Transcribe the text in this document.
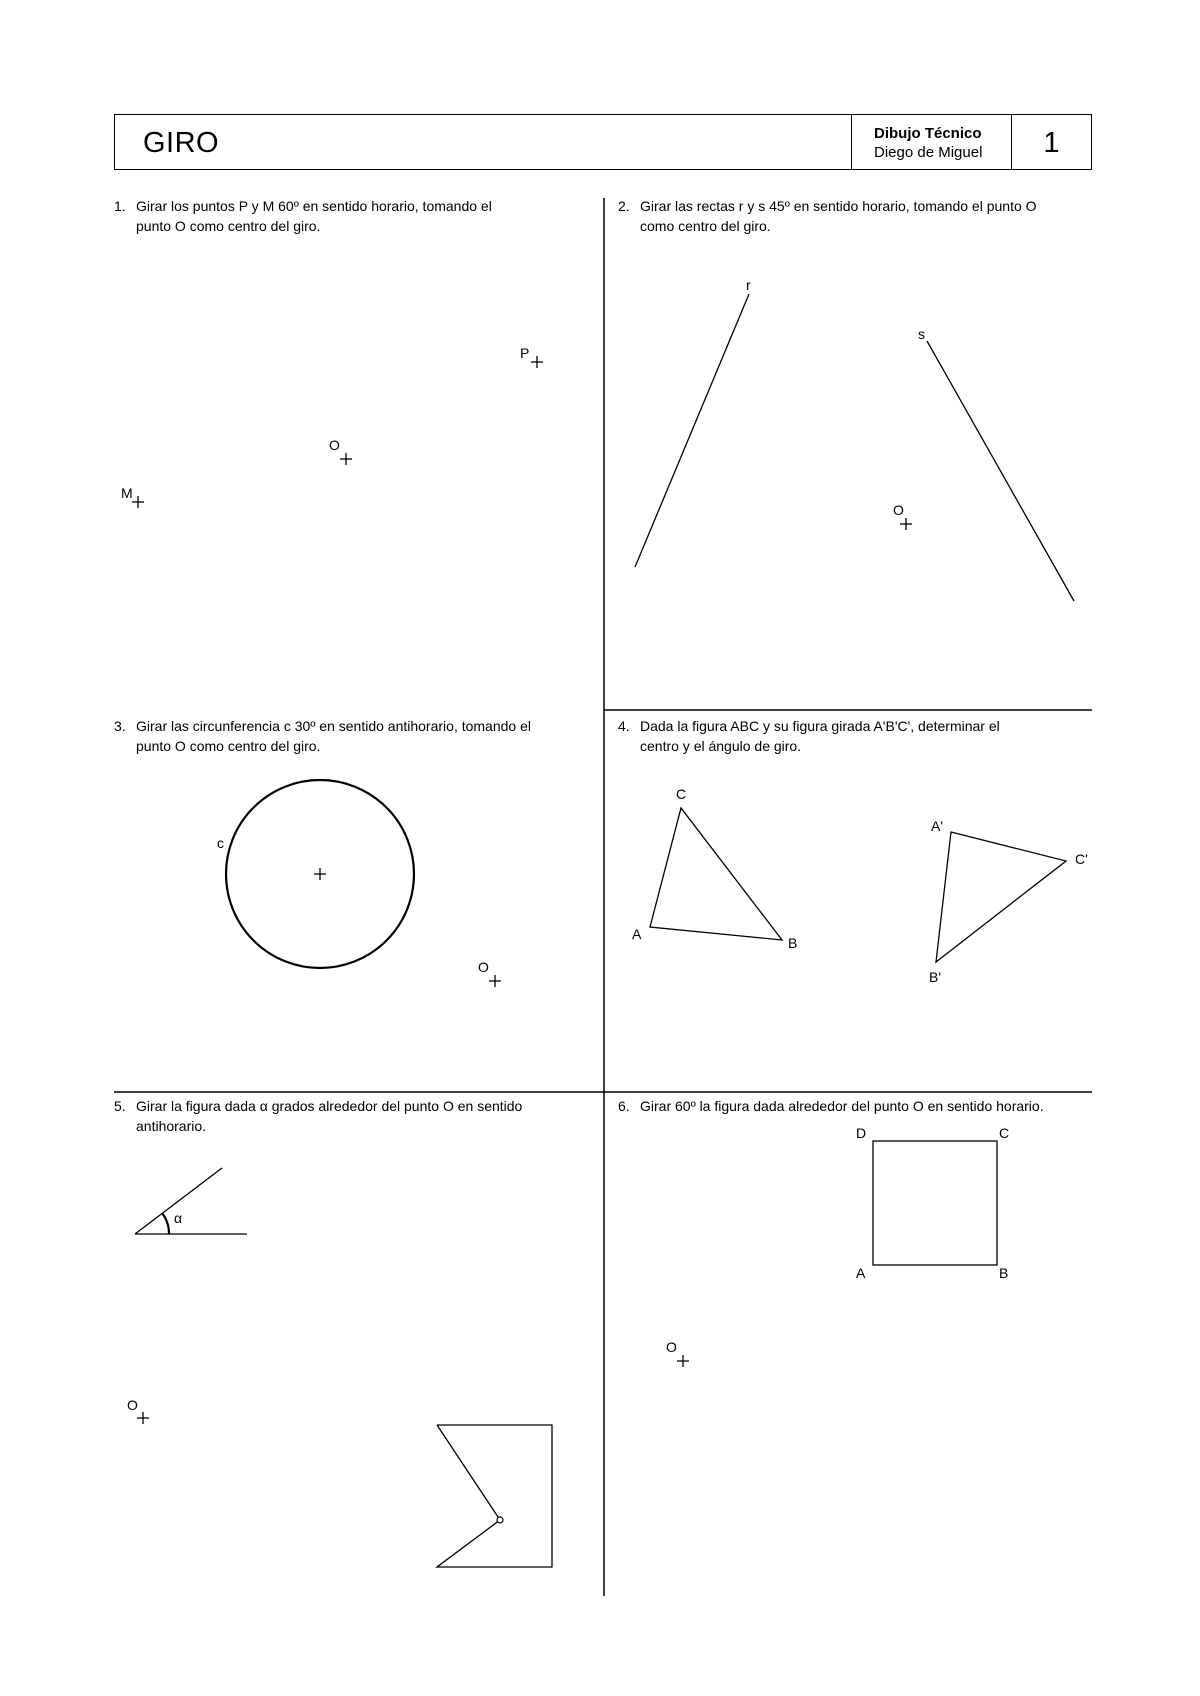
GIRO	Dibujo Técnico
Diego de Miguel	1
1. Girar los puntos P y M 60º en sentido horario, tomando el
punto O como centro del giro.
2. Girar las rectas r y s 45º en sentido horario, tomando el punto O
como centro del giro.
3. Girar las circunferencia c 30º en sentido antihorario, tomando el
punto O como centro del giro.
4. Dada la figura ABC y su figura girada A'B'C', determinar el
centro y el ángulo de giro.
5. Girar la figura dada α grados alrededor del punto O en sentido
antihorario.
6. Girar 60º la figura dada alrededor del punto O en sentido horario.
P
O
M
r
s
O
c
O
A
B
C
A'
C'
B'
α
O
D	C
A	B
O
